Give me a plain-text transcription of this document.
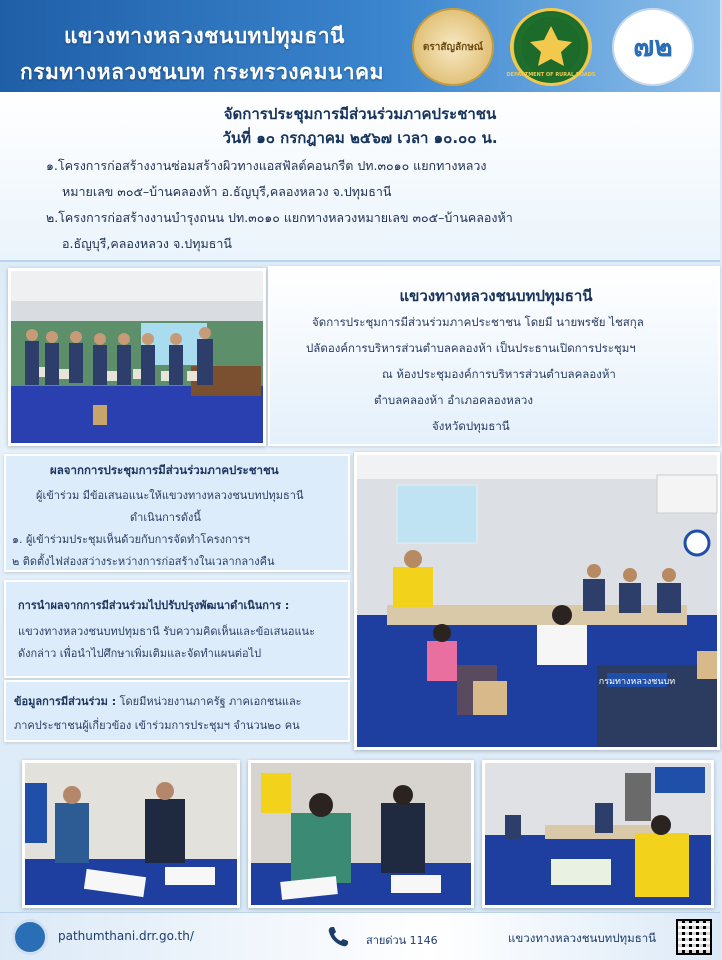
แขวงทางหลวงชนบทปทุมธานี
กรมทางหลวงชนบท กระทรวงคมนาคม
ตราสัญลักษณ์
DEPARTMENT OF RURAL ROADS
๗๒
จัดการประชุมการมีส่วนร่วมภาคประชาชน
วันที่ ๑๐ กรกฎาคม ๒๕๖๗ เวลา ๑๐.๐๐ น.
๑.โครงการก่อสร้างงานซ่อมสร้างผิวทางแอสฟัลต์คอนกรีต ปท.๓๐๑๐ แยกทางหลวง
หมายเลข ๓๐๕–บ้านคลองห้า อ.ธัญบุรี,คลองหลวง จ.ปทุมธานี
๒.โครงการก่อสร้างงานบำรุงถนน ปท.๓๐๑๐ แยกทางหลวงหมายเลข ๓๐๕–บ้านคลองห้า
อ.ธัญบุรี,คลองหลวง จ.ปทุมธานี
แขวงทางหลวงชนบทปทุมธานี
จัดการประชุมการมีส่วนร่วมภาคประชาชน โดยมี นายพรชัย ไชสกุล
ปลัดองค์การบริหารส่วนตำบลคลองห้า เป็นประธานเปิดการประชุมฯ
ณ ห้องประชุมองค์การบริหารส่วนตำบลคลองห้า
ตำบลคลองห้า อำเภอคลองหลวง
จังหวัดปทุมธานี
ผลจากการประชุมการมีส่วนร่วมภาคประชาชน
ผู้เข้าร่วม มีข้อเสนอแนะให้แขวงทางหลวงชนบทปทุมธานี
ดำเนินการดังนี้
๑. ผู้เข้าร่วมประชุมเห็นด้วยกับการจัดทำโครงการฯ
๒ ติดตั้งไฟส่องสว่างระหว่างการก่อสร้างในเวลากลางคืน
การนำผลจากการมีส่วนร่วมไปปรับปรุงพัฒนาดำเนินการ :
แขวงทางหลวงชนบทปทุมธานี รับความคิดเห็นและข้อเสนอแนะ
ดังกล่าว เพื่อนำไปศึกษาเพิ่มเติมและจัดทำแผนต่อไป
ข้อมูลการมีส่วนร่วม : โดยมีหน่วยงานภาครัฐ ภาคเอกชนและ
ภาคประชาชนผู้เกี่ยวข้อง เข้าร่วมการประชุมฯ จำนวน๒๐ คน
กรมทางหลวงชนบท
pathumthani.drr.go.th/	สายด่วน 1146	แขวงทางหลวงชนบทปทุมธานี
